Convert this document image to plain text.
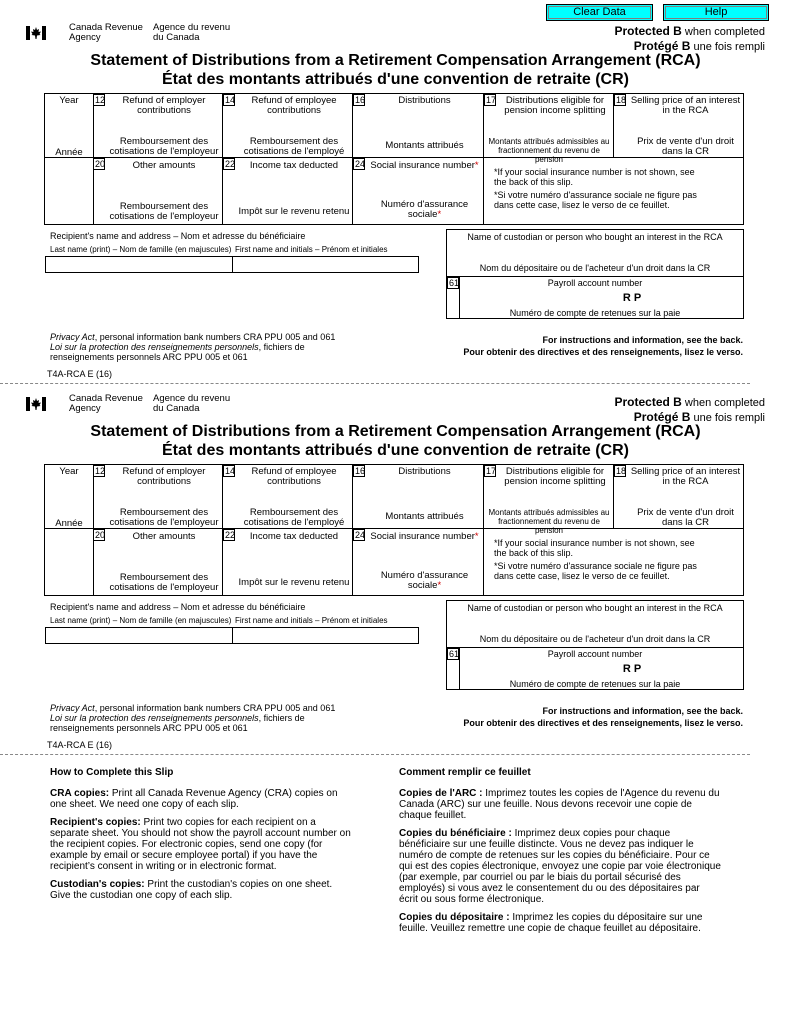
Clear Data	Help
Canada Revenue
Agency
Agence du revenu
du Canada	Protected B when completed
Protégé B une fois rempli
Statement of Distributions from a Retirement Compensation Arrangement (RCA)
État des montants attribués d'une convention de retraite (CR)
Year
Année
12	Refund of employer contributions
Remboursement des cotisations de l'employeur
14	Refund of employee contributions
Remboursement des cotisations de l'employé
16	Distributions
Montants attribués
17	Distributions eligible for pension income splitting
Montants attribués admissibles au fractionnement du revenu de pension
18 Selling price of an interest in the RCA
Prix de vente d'un droit dans la CR
20	Other amounts
Remboursement des cotisations de l'employeur
22	Income tax deducted
Impôt sur le revenu retenu
24 Social insurance number*
Numéro d'assurance sociale*
*If your social insurance number is not shown, see the back of this slip.
*Si votre numéro d'assurance sociale ne figure pas dans cette case, lisez le verso de ce feuillet.
Recipient's name and address – Nom et adresse du bénéficiaire
Last name (print) – Nom de famille (en majuscules) First name and initials – Prénom et initiales
Name of custodian or person who bought an interest in the RCA
Nom du dépositaire ou de l'acheteur d'un droit dans la CR
61	Payroll account number
R P
Numéro de compte de retenues sur la paie
Privacy Act, personal information bank numbers CRA PPU 005 and 061
Loi sur la protection des renseignements personnels, fichiers de
renseignements personnels ARC PPU 005 et 061
For instructions and information, see the back.
Pour obtenir des directives et des renseignements, lisez le verso.
T4A-RCA E (16)
Canada Revenue
Agency
Agence du revenu
du Canada	Protected B when completed
Protégé B une fois rempli
Statement of Distributions from a Retirement Compensation Arrangement (RCA)
État des montants attribués d'une convention de retraite (CR)
Year
Année
12	Refund of employer contributions
Remboursement des cotisations de l'employeur
14	Refund of employee contributions
Remboursement des cotisations de l'employé
16	Distributions
Montants attribués
17	Distributions eligible for pension income splitting
Montants attribués admissibles au fractionnement du revenu de pension
18 Selling price of an interest in the RCA
Prix de vente d'un droit dans la CR
20	Other amounts
Remboursement des cotisations de l'employeur
22	Income tax deducted
Impôt sur le revenu retenu
24 Social insurance number*
Numéro d'assurance sociale*
*If your social insurance number is not shown, see the back of this slip.
*Si votre numéro d'assurance sociale ne figure pas dans cette case, lisez le verso de ce feuillet.
Recipient's name and address – Nom et adresse du bénéficiaire
Last name (print) – Nom de famille (en majuscules) First name and initials – Prénom et initiales
Name of custodian or person who bought an interest in the RCA
Nom du dépositaire ou de l'acheteur d'un droit dans la CR
61	Payroll account number
R P
Numéro de compte de retenues sur la paie
Privacy Act, personal information bank numbers CRA PPU 005 and 061
Loi sur la protection des renseignements personnels, fichiers de
renseignements personnels ARC PPU 005 et 061
For instructions and information, see the back.
Pour obtenir des directives et des renseignements, lisez le verso.
T4A-RCA E (16)
How to Complete this Slip

CRA copies: Print all Canada Revenue Agency (CRA) copies on one sheet. We need one copy of each slip.

Recipient's copies: Print two copies for each recipient on a separate sheet. You should not show the payroll account number on the recipient copies. For electronic copies, send one copy (for example by email or secure employee portal) if you have the recipient’s consent in writing or in electronic format.

Custodian's copies: Print the custodian's copies on one sheet. Give the custodian one copy of each slip.

Comment remplir ce feuillet

Copies de l'ARC : Imprimez toutes les copies de l'Agence du revenu du Canada (ARC) sur une feuille. Nous devons recevoir une copie de chaque feuillet.

Copies du bénéficiaire : Imprimez deux copies pour chaque bénéficiaire sur une feuille distincte. Vous ne devez pas indiquer le numéro de compte de retenues sur les copies du bénéficiaire. Pour ce qui est des copies électronique, envoyez une copie par voie électronique (par exemple, par courriel ou par le biais du portail sécurisé des employés) si vous avez le consentement du ou des dépositaires par écrit ou sous forme électronique.

Copies du dépositaire : Imprimez les copies du dépositaire sur une feuille. Veuillez remettre une copie de chaque feuillet au dépositaire.
